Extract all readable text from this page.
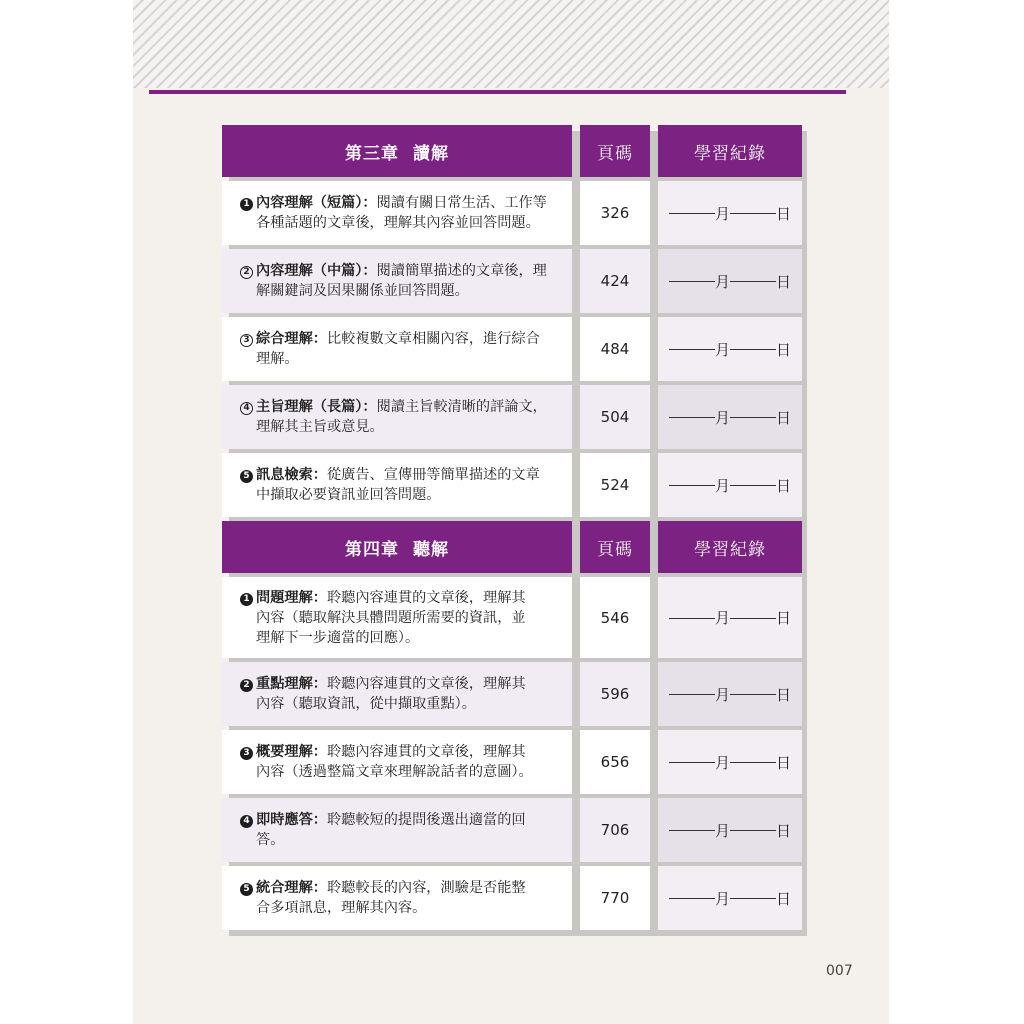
第三章 讀解	頁碼	學習紀錄
1 內容理解（短篇）：閱讀有關日常生活、工作等
各種話題的文章後，理解其內容並回答問題。
326	月	日
2 內容理解（中篇）：閱讀簡單描述的文章後，理
解關鍵詞及因果關係並回答問題。
424	月	日
3 綜合理解：比較複數文章相關內容，進行綜合
理解。
484	月	日
4 主旨理解（長篇）：閱讀主旨較清晰的評論文，
理解其主旨或意見。
504	月	日
5 訊息檢索：從廣告、宣傳冊等簡單描述的文章
中擷取必要資訊並回答問題。
524	月	日
第四章 聽解	頁碼	學習紀錄
1 問題理解：聆聽內容連貫的文章後，理解其
內容（聽取解決具體問題所需要的資訊，並
理解下一步適當的回應）。
546	月	日
2 重點理解：聆聽內容連貫的文章後，理解其
內容（聽取資訊，從中擷取重點）。
596	月	日
3 概要理解：聆聽內容連貫的文章後，理解其
內容（透過整篇文章來理解說話者的意圖）。
656	月	日
4 即時應答：聆聽較短的提問後選出適當的回
答。
706	月	日
5 統合理解：聆聽較長的內容，測驗是否能整
合多項訊息，理解其內容。
770	月	日
007
